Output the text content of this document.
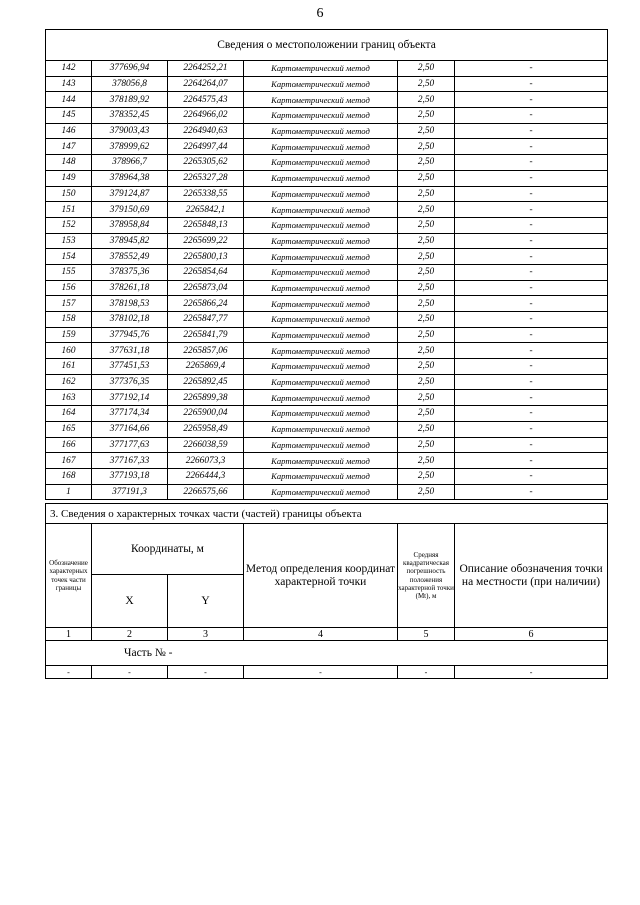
6
Сведения о местоположении границ объекта					
142	377696,94	2264252,21	Картометрический метод	2,50	-
143	378056,8	2264264,07	Картометрический метод	2,50	-
144	378189,92	2264575,43	Картометрический метод	2,50	-
145	378352,45	2264966,02	Картометрический метод	2,50	-
146	379003,43	2264940,63	Картометрический метод	2,50	-
147	378999,62	2264997,44	Картометрический метод	2,50	-
148	378966,7	2265305,62	Картометрический метод	2,50	-
149	378964,38	2265327,28	Картометрический метод	2,50	-
150	379124,87	2265338,55	Картометрический метод	2,50	-
151	379150,69	2265842,1	Картометрический метод	2,50	-
152	378958,84	2265848,13	Картометрический метод	2,50	-
153	378945,82	2265699,22	Картометрический метод	2,50	-
154	378552,49	2265800,13	Картометрический метод	2,50	-
155	378375,36	2265854,64	Картометрический метод	2,50	-
156	378261,18	2265873,04	Картометрический метод	2,50	-
157	378198,53	2265866,24	Картометрический метод	2,50	-
158	378102,18	2265847,77	Картометрический метод	2,50	-
159	377945,76	2265841,79	Картометрический метод	2,50	-
160	377631,18	2265857,06	Картометрический метод	2,50	-
161	377451,53	2265869,4	Картометрический метод	2,50	-
162	377376,35	2265892,45	Картометрический метод	2,50	-
163	377192,14	2265899,38	Картометрический метод	2,50	-
164	377174,34	2265900,04	Картометрический метод	2,50	-
165	377164,66	2265958,49	Картометрический метод	2,50	-
166	377177,63	2266038,59	Картометрический метод	2,50	-
167	377167,33	2266073,3	Картометрический метод	2,50	-
168	377193,18	2266444,3	Картометрический метод	2,50	-
1	377191,3	2266575,66	Картометрический метод	2,50	-
3. Сведения о характерных точках части (частей) границы объекта					
Обозначение характерных точек части границы	Координаты, м		Метод определения координат характерной точки	Средняя квадратическая погрешность положения характерной точки (Мt), м	Описание обозначения точки на местности (при наличии)
	X	Y			
1	2	3	4	5	6
Часть № -					
-	-	-	-	-	-
